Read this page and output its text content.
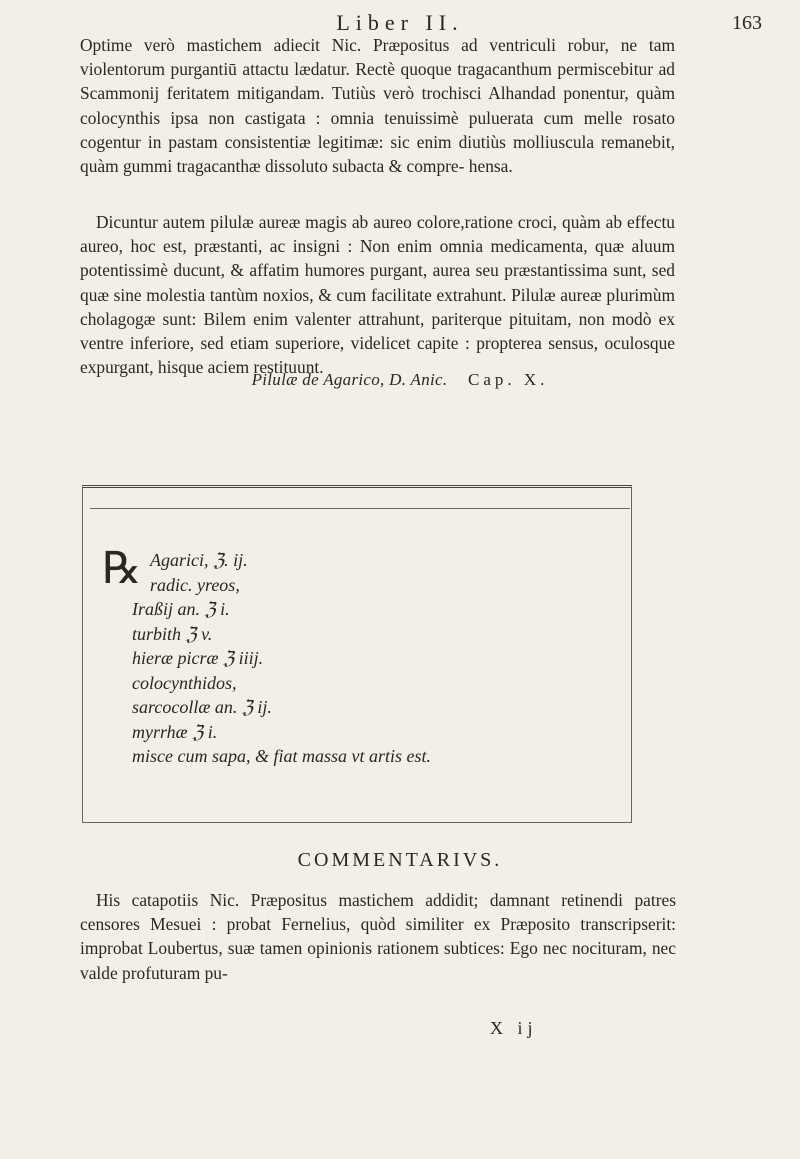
Liber II.	163

Optime verò mastichem adiecit Nic. Præpositus ad ventriculi robur, ne tam violentorum purgantiū attactu lædatur. Rectè quoque tragacanthum permiscebitur ad Scammonij feritatem mitigandam. Tutiùs verò trochisci Alhandad ponentur, quàm colocynthis ipsa non castigata : omnia tenuissimè puluerata cum melle rosato cogentur in pastam consistentiæ legitimæ: sic enim diutiùs molliuscula remanebit, quàm gummi tragacanthæ dissoluto subacta & compre- hensa.

Dicuntur autem pilulæ aureæ magis ab aureo colore,ratione croci, quàm ab effectu aureo, hoc est, præstanti, ac insigni : Non enim omnia medicamenta, quæ aluum potentissimè ducunt, & affatim humores purgant, aurea seu præstantissima sunt, sed quæ sine molestia tantùm noxios, & cum facilitate extrahunt. Pilulæ aureæ plurimùm cholagogæ sunt: Bilem enim valenter attrahunt, pariterque pituitam, non modò ex ventre inferiore, sed etiam superiore, videlicet capite : propterea sensus, oculosque expurgant, hisque aciem restituunt.

Pilulæ de Agarico, D. Anic. Cap. X.
℞ Agarici, ℨ. ij.
radic. yreos,
Iraßij an. ℨ i.
turbith ℨ v.
hieræ picræ ℨ iiij.
colocynthidos,
sarcocollæ an. ℨ ij.
myrrhæ ℨ i.
misce cum sapa, & fiat massa vt artis est.
COMMENTARIVS.

His catapotiis Nic. Præpositus mastichem addidit; damnant retinendi patres censores Mesuei : probat Fernelius, quòd similiter ex Præposito transcripserit: improbat Loubertus, suæ tamen opinionis rationem subtices: Ego nec nocituram, nec valde profuturam pu-

X ij
